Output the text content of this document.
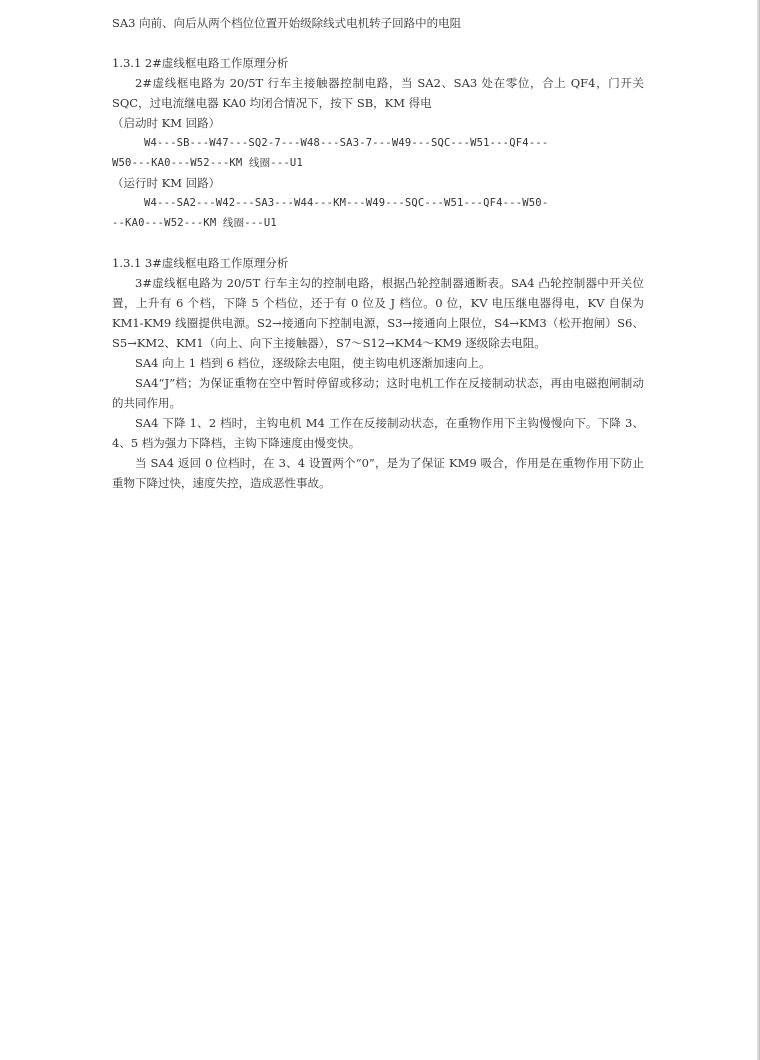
SA3 向前、向后从两个档位位置开始级除线式电机转子回路中的电阻
1.3.1 2#虚线框电路工作原理分析
2#虚线框电路为 20/5T 行车主接触器控制电路，当 SA2、SA3 处在零位，合上 QF4，门开关 SQC，过电流继电器 KA0 均闭合情况下，按下 SB，KM 得电
（启动时 KM 回路）
W4---SB---W47---SQ2-7---W48---SA3-7---W49---SQC---W51---QF4---
W50---KA0---W52---KM 线圈---U1
（运行时 KM 回路）
W4---SA2---W42---SA3---W44---KM---W49---SQC---W51---QF4---W50-
--KA0---W52---KM 线圈---U1
1.3.1 3#虚线框电路工作原理分析
3#虚线框电路为 20/5T 行车主勾的控制电路，根据凸轮控制器通断表。SA4 凸轮控制器中开关位置，上升有 6 个档，下降 5 个档位，还于有 0 位及 J 档位。0 位，KV 电压继电器得电，KV 自保为 KM1-KM9 线圈提供电源。S2→接通向下控制电源，S3→接通向上限位，S4→KM3（松开抱闸）S6、S5→KM2、KM1（向上、向下主接触器），S7～S12→KM4～KM9 逐级除去电阻。
SA4 向上 1 档到 6 档位，逐级除去电阻，使主钩电机逐渐加速向上。
SA4“J”档；为保证重物在空中暂时停留或移动；这时电机工作在反接制动状态，再由电磁抱闸制动的共同作用。
SA4 下降 1、2 档时，主钩电机 M4 工作在反接制动状态，在重物作用下主钩慢慢向下。下降 3、4、5 档为强力下降档，主钩下降速度由慢变快。
当 SA4 返回 0 位档时，在 3、4 设置两个“0”，是为了保证 KM9 吸合，作用是在重物作用下防止重物下降过快，速度失控，造成恶性事故。
